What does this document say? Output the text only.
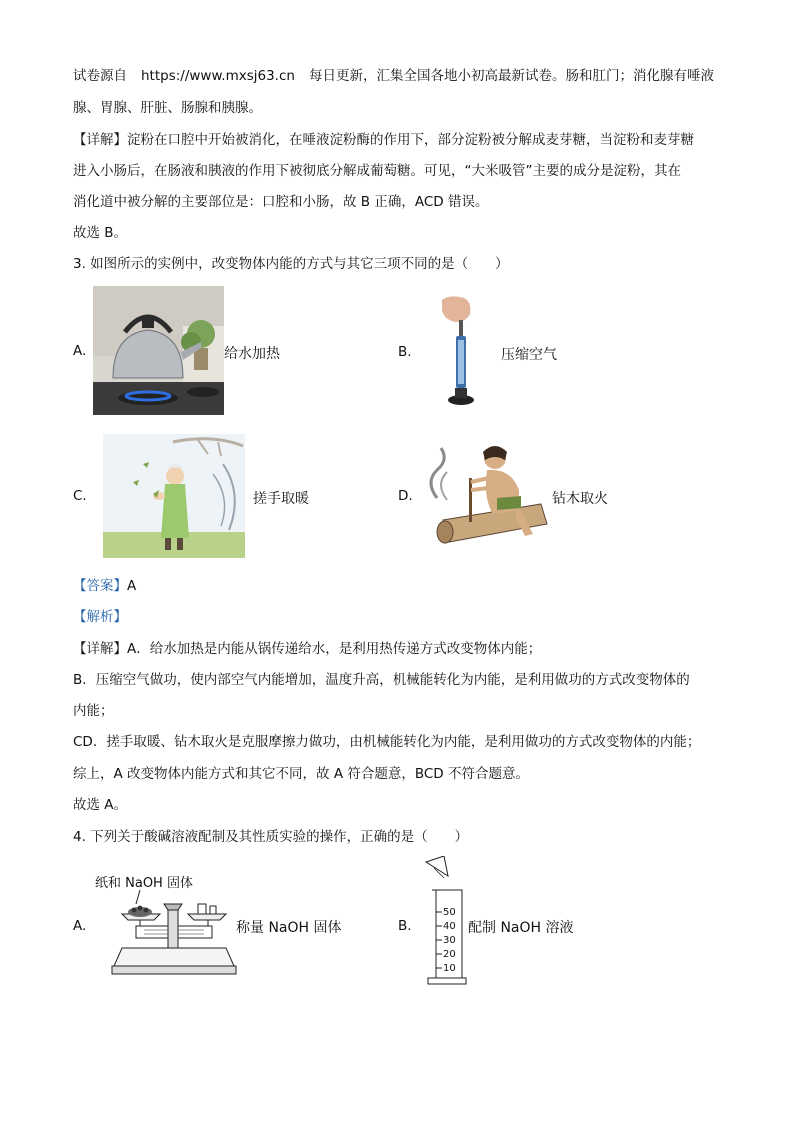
试卷源自 https://www.mxsj63.cn 每日更新，汇集全国各地小初高最新试卷。肠和肛门；消化腺有唾液
腺、胃腺、肝脏、肠腺和胰腺。
【详解】淀粉在口腔中开始被消化，在唾液淀粉酶的作用下，部分淀粉被分解成麦芽糖，当淀粉和麦芽糖
进入小肠后，在肠液和胰液的作用下被彻底分解成葡萄糖。可见，“大米吸管”主要的成分是淀粉，其在
消化道中被分解的主要部位是：口腔和小肠，故 B 正确，ACD 错误。
故选 B。
3. 如图所示的实例中，改变物体内能的方式与其它三项不同的是（　　）
A.	给水加热	B.	压缩空气
C.	搓手取暖	D.	钻木取火
【答案】A
【解析】
【详解】A．给水加热是内能从锅传递给水，是利用热传递方式改变物体内能；
B．压缩空气做功，使内部空气内能增加，温度升高，机械能转化为内能，是利用做功的方式改变物体的
内能；
CD．搓手取暖、钻木取火是克服摩擦力做功，由机械能转化为内能，是利用做功的方式改变物体的内能；
综上，A 改变物体内能方式和其它不同，故 A 符合题意，BCD 不符合题意。
故选 A。
4. 下列关于酸碱溶液配制及其性质实验的操作，正确的是（　　）
纸和 NaOH 固体
A.	称量 NaOH 固体	B.
50
40
30
20
10
配制 NaOH 溶液
